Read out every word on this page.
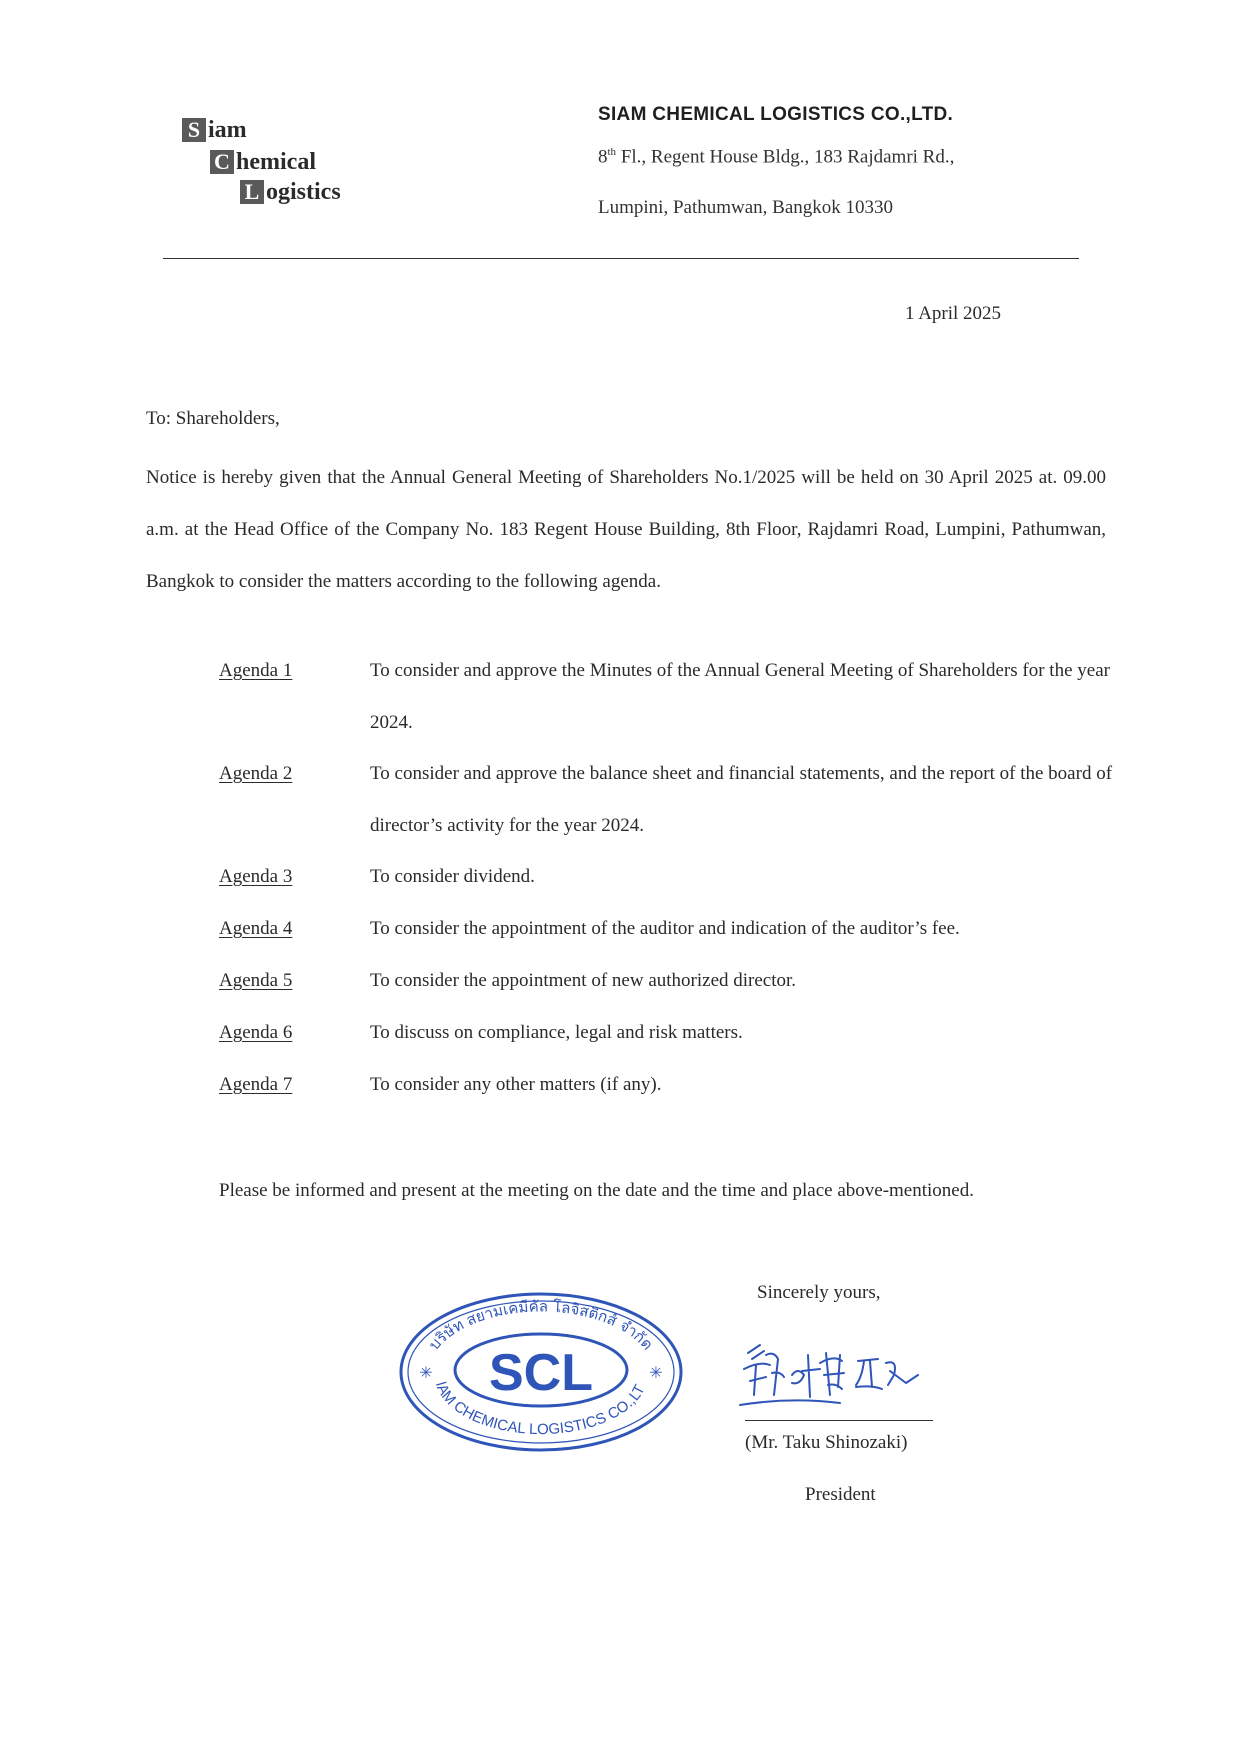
S iam
C hemical
L ogistics
SIAM CHEMICAL LOGISTICS CO.,LTD.
8th Fl., Regent House Bldg., 183 Rajdamri Rd.,
Lumpini, Pathumwan, Bangkok 10330
1 April 2025
To: Shareholders,
Notice is hereby given that the Annual General Meeting of Shareholders No.1/2025 will be held on 30 April 2025 at. 09.00 a.m. at the Head Office of the Company No. 183 Regent House Building, 8th Floor, Rajdamri Road, Lumpini, Pathumwan, Bangkok to consider the matters according to the following agenda.
Agenda 1	To consider and approve the Minutes of the Annual General Meeting of Shareholders for the year 2024.
Agenda 2	To consider and approve the balance sheet and financial statements, and the report of the board of director’s activity for the year 2024.
Agenda 3	To consider dividend.
Agenda 4	To consider the appointment of the auditor and indication of the auditor’s fee.
Agenda 5	To consider the appointment of new authorized director.
Agenda 6	To discuss on compliance, legal and risk matters.
Agenda 7	To consider any other matters (if any).
Please be informed and present at the meeting on the date and the time and place above-mentioned.
บริษัท สยามเคมีคัล โลจิสติกส์ จำกัด
IAM CHEMICAL LOGISTICS CO.,LT
SCL
✳	✳
Sincerely yours,
(Mr. Taku Shinozaki)
President
